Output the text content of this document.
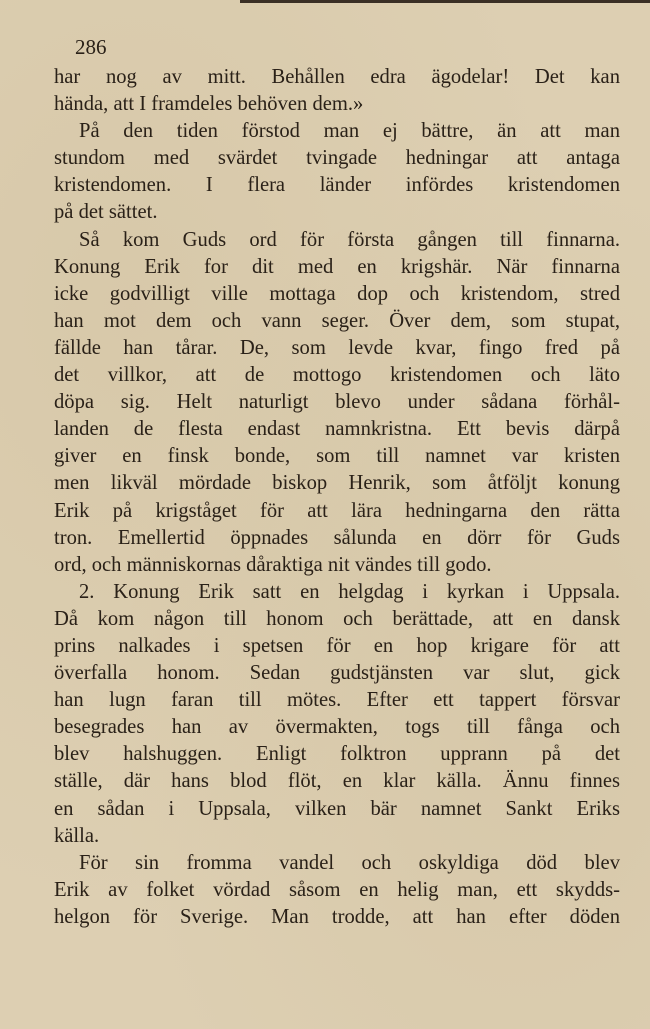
286
har nog av mitt. Behållen edra ägodelar! Det kan
hända, att I framdeles behöven dem.»
På den tiden förstod man ej bättre, än att man
stundom med svärdet tvingade hedningar att antaga
kristendomen. I flera länder infördes kristendomen
på det sättet.
Så kom Guds ord för första gången till finnarna.
Konung Erik for dit med en krigshär. När finnarna
icke godvilligt ville mottaga dop och kristendom, stred
han mot dem och vann seger. Över dem, som stupat,
fällde han tårar. De, som levde kvar, fingo fred på
det villkor, att de mottogo kristendomen och läto
döpa sig. Helt naturligt blevo under sådana förhål-
landen de flesta endast namnkristna. Ett bevis därpå
giver en finsk bonde, som till namnet var kristen
men likväl mördade biskop Henrik, som åtföljt konung
Erik på krigståget för att lära hedningarna den rätta
tron. Emellertid öppnades sålunda en dörr för Guds
ord, och människornas dåraktiga nit vändes till godo.
2. Konung Erik satt en helgdag i kyrkan i Uppsala.
Då kom någon till honom och berättade, att en dansk
prins nalkades i spetsen för en hop krigare för att
överfalla honom. Sedan gudstjänsten var slut, gick
han lugn faran till mötes. Efter ett tappert försvar
besegrades han av övermakten, togs till fånga och
blev halshuggen. Enligt folktron upprann på det
ställe, där hans blod flöt, en klar källa. Ännu finnes
en sådan i Uppsala, vilken bär namnet Sankt Eriks
källa.
För sin fromma vandel och oskyldiga död blev
Erik av folket vördad såsom en helig man, ett skydds-
helgon för Sverige. Man trodde, att han efter döden
